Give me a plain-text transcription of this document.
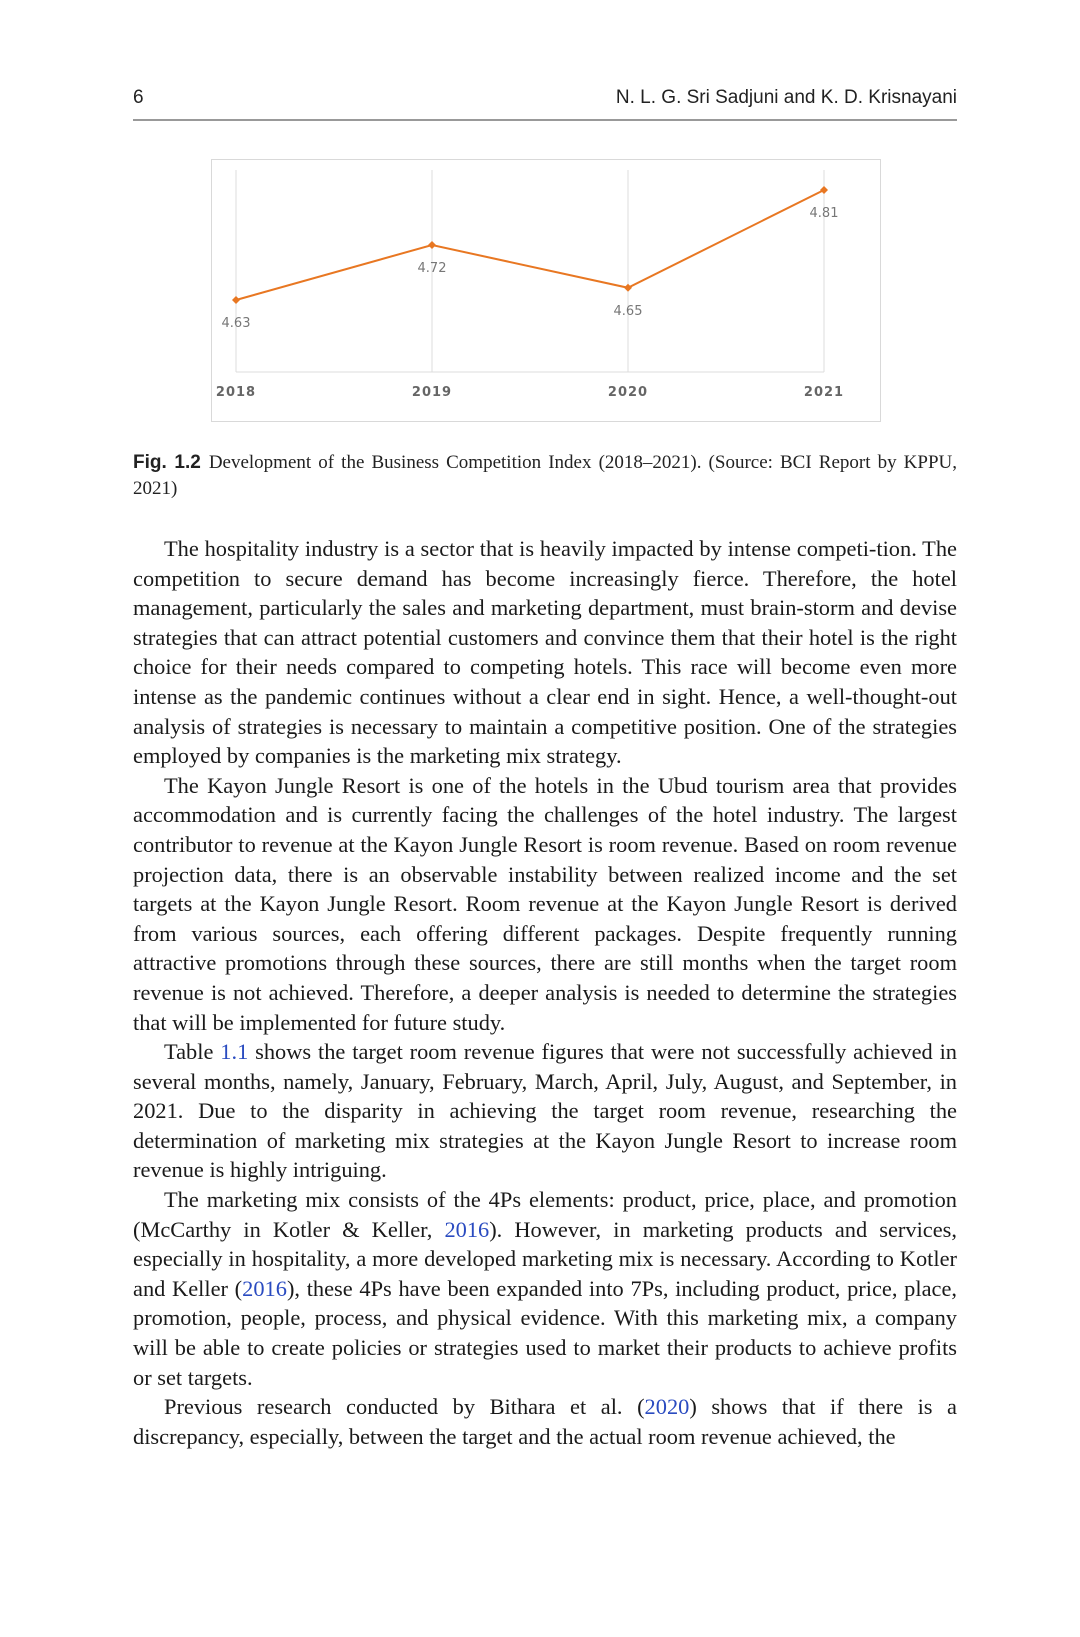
6	N. L. G. Sri Sadjuni and K. D. Krisnayani
4.63
4.72
4.65
4.81
2018	2019	2020	2021
Fig. 1.2 Development of the Business Competition Index (2018–2021). (Source: BCI Report by KPPU, 2021)

The hospitality industry is a sector that is heavily impacted by intense competi-tion. The competition to secure demand has become increasingly fierce. Therefore, the hotel management, particularly the sales and marketing department, must brain-storm and devise strategies that can attract potential customers and convince them that their hotel is the right choice for their needs compared to competing hotels. This race will become even more intense as the pandemic continues without a clear end in sight. Hence, a well-thought-out analysis of strategies is necessary to maintain a competitive position. One of the strategies employed by companies is the marketing mix strategy.

The Kayon Jungle Resort is one of the hotels in the Ubud tourism area that provides accommodation and is currently facing the challenges of the hotel industry. The largest contributor to revenue at the Kayon Jungle Resort is room revenue. Based on room revenue projection data, there is an observable instability between realized income and the set targets at the Kayon Jungle Resort. Room revenue at the Kayon Jungle Resort is derived from various sources, each offering different packages. Despite frequently running attractive promotions through these sources, there are still months when the target room revenue is not achieved. Therefore, a deeper analysis is needed to determine the strategies that will be implemented for future study.

Table 1.1 shows the target room revenue figures that were not successfully achieved in several months, namely, January, February, March, April, July, August, and September, in 2021. Due to the disparity in achieving the target room revenue, researching the determination of marketing mix strategies at the Kayon Jungle Resort to increase room revenue is highly intriguing.

The marketing mix consists of the 4Ps elements: product, price, place, and promotion (McCarthy in Kotler & Keller, 2016). However, in marketing products and services, especially in hospitality, a more developed marketing mix is necessary. According to Kotler and Keller (2016), these 4Ps have been expanded into 7Ps, including product, price, place, promotion, people, process, and physical evidence. With this marketing mix, a company will be able to create policies or strategies used to market their products to achieve profits or set targets.

Previous research conducted by Bithara et al. (2020) shows that if there is a discrepancy, especially, between the target and the actual room revenue achieved, the
